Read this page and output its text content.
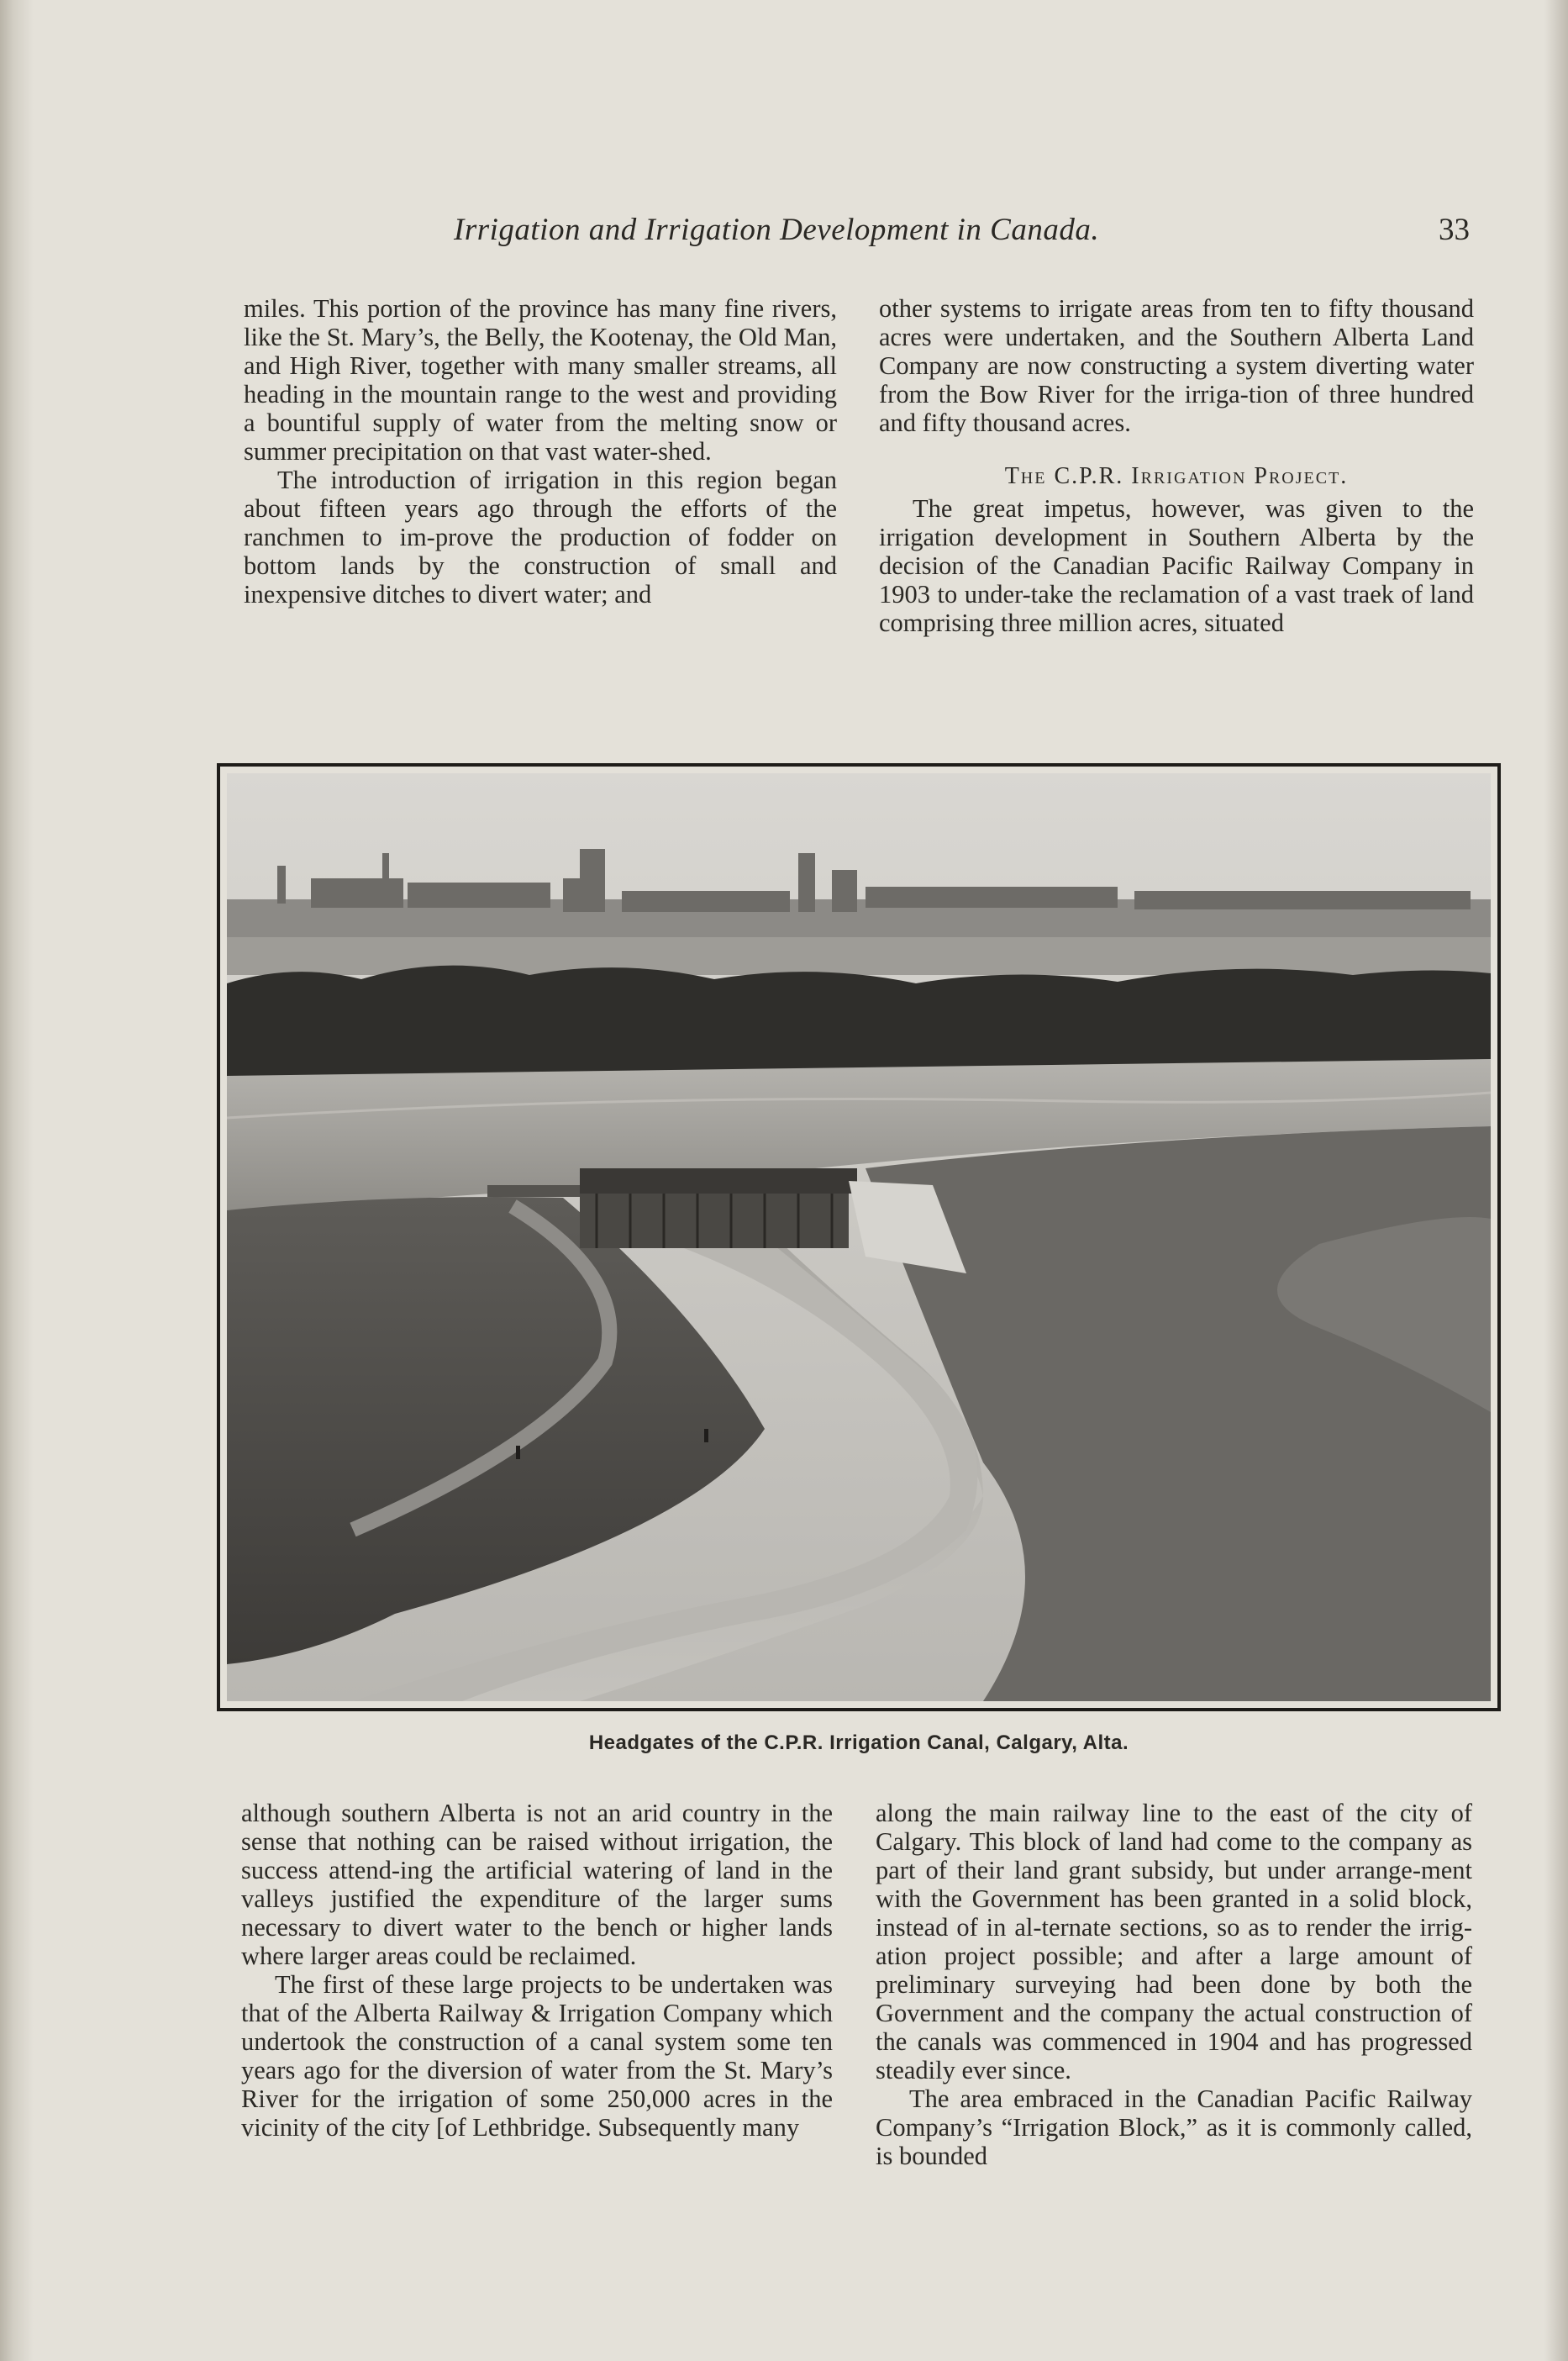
Irrigation and Irrigation Development in Canada.	33

miles. This portion of the province has many fine rivers, like the St. Mary’s, the Belly, the Kootenay, the Old Man, and High River, together with many smaller streams, all heading in the mountain range to the west and providing a bountiful supply of water from the melting snow or summer precipitation on that vast water-shed.

The introduction of irrigation in this region began about fifteen years ago through the efforts of the ranchmen to im-prove the production of fodder on bottom lands by the construction of small and inexpensive ditches to divert water; and

other systems to irrigate areas from ten to fifty thousand acres were undertaken, and the Southern Alberta Land Company are now constructing a system diverting water from the Bow River for the irriga-tion of three hundred and fifty thousand acres.

The C.P.R. Irrigation Project.

The great impetus, however, was given to the irrigation development in Southern Alberta by the decision of the Canadian Pacific Railway Company in 1903 to under-take the reclamation of a vast traek of land comprising three million acres, situated

Headgates of the C.P.R. Irrigation Canal, Calgary, Alta.

although southern Alberta is not an arid country in the sense that nothing can be raised without irrigation, the success attend-ing the artificial watering of land in the valleys justified the expenditure of the larger sums necessary to divert water to the bench or higher lands where larger areas could be reclaimed.

The first of these large projects to be undertaken was that of the Alberta Railway & Irrigation Company which undertook the construction of a canal system some ten years ago for the diversion of water from the St. Mary’s River for the irrigation of some 250,000 acres in the vicinity of the city [of Lethbridge. Subsequently many

along the main railway line to the east of the city of Calgary. This block of land had come to the company as part of their land grant subsidy, but under arrange-ment with the Government has been granted in a solid block, instead of in al-ternate sections, so as to render the irrig-ation project possible; and after a large amount of preliminary surveying had been done by both the Government and the company the actual construction of the canals was commenced in 1904 and has progressed steadily ever since.

The area embraced in the Canadian Pacific Railway Company’s “Irrigation Block,” as it is commonly called, is bounded
